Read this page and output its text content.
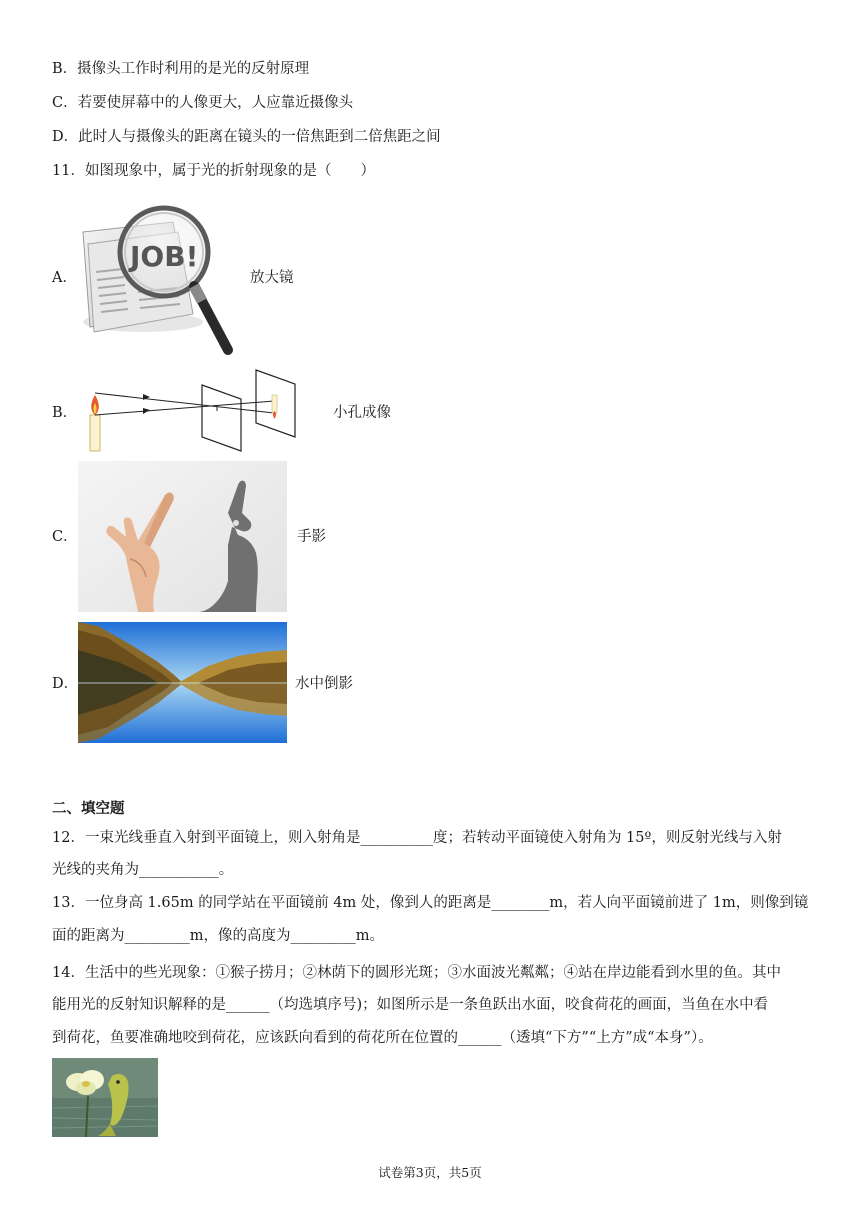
B．摄像头工作时利用的是光的反射原理
C．若要使屏幕中的人像更大，人应靠近摄像头
D．此时人与摄像头的距离在镜头的一倍焦距到二倍焦距之间
11．如图现象中，属于光的折射现象的是（　　）
A．
JOB!
放大镜
B．	小孔成像
C．	手影
D．	水中倒影
二、填空题
12．一束光线垂直入射到平面镜上，则入射角是__________度；若转动平面镜使入射角为 15º，则反射光线与入射
光线的夹角为___________。
13．一位身高 1.65m 的同学站在平面镜前 4m 处，像到人的距离是________m，若人向平面镜前进了 1m，则像到镜
面的距离为_________m，像的高度为_________m。
14．生活中的些光现象：①猴子捞月；②林荫下的圆形光斑；③水面波光粼粼；④站在岸边能看到水里的鱼。其中
能用光的反射知识解释的是______（均选填序号)；如图所示是一条鱼跃出水面，咬食荷花的画面，当鱼在水中看
到荷花，鱼要准确地咬到荷花，应该跃向看到的荷花所在位置的______（透填“下方”“上方”成“本身”）。
试卷第3页，共5页
